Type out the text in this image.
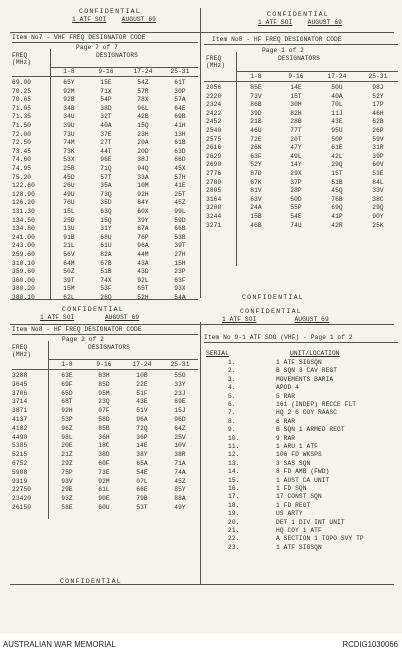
CONFIDENTIAL
1 ATF SOI AUGUST 69
CONFIDENTIAL
1 ATF SOI AUGUST 69
Item No7 - VHF FREQ DESIGNATOR CODE
Page 7 of 7
FREQ
(MHz)
DESIGNATORS
1-8	9-16	17-24	25-31
69.00	65Y	15E	54Z	61T
70.25	92M	71X	57R	30P
70.65	92B	54P	78X	57A
71.05	34B	38D	96L	64E
71.35	34U	32T	42B	69B
71.50	39U	40A	15Q	41H
72.00	73U	37E	23H	13H
72.50	74M	27T	20A	61B
73.45	73K	44T	20D	63D
74.60	53X	96E	38J	66D
74.95	25B	71Q	94Q	45X
75.20	45D	57T	33A	57H
122.60	26U	35A	10M	41E
128.90	49U	73Q	92H	25T
126.20	76U	35D	84Y	45Z
131.30	15L	63Q	60X	99L
134.50	25D	15Q	39Y	59D
134.80	13U	31Y	67A	66B
241.00	91B	68U	76P	53B
243.00	21L	61U	96A	39T
259.60	56V	82A	44M	27H
310.10	64M	67B	43A	15H
359.60	50Z	51B	43D	23P
360.00	39T	74X	92L	63F
380.20	15M	53F	65T	93X
388.10	62L	26Q	52H	54A
Item No8 - HF FREQ DESIGNATOR CODE
Page 1 of 2
FREQ
(MHz)
DESIGNATORS
1-8	9-16	17-24	25-31
2056	85E	14E	50U	98J
2220	73V	15T	40A	52Y
2324	86B	30H	70L	17P
2422	39D	82H	11J	46H
2452	21B	28B	43E	62B
2540	46U	77T	95U	26P
2575	72E	20T	50P	59V
2616	26K	47Y	61E	31R
2629	63F	49L	42L	39P
2690	52Y	14Y	29Q	60V
2776	87D	29X	15T	53E
2780	67K	37P	51B	84L
2805	81V	28P	45Q	33V
3164	63V	50D	76B	38C
3200	24A	55P	69Q	29Q
3244	15B	54E	41P	90Y
3271	46B	74U	42R	25K
CONFIDENTIAL
CONFIDENTIAL
1 ATF SOI	AUGUST 69
CONFIDENTIAL
1 ATF SOI	AUGUST 69
Item No8 - HF FREQ DESIGNATOR CODE
Page 2 of 2
FREQ
(MHz)
DESIGNATORS
1-8	9-16	17-24	25-31
3288	63E	83H	10B	55G
3645	69F	85D	22E	33Y
3706	65D	95M	51F	23J
3714	68T	23Q	43E	69E
3871	92H	07F	51V	15J
4137	53P	58D	96A	96D
4182	96Z	85B	72Q	64Z
4490	98L	36H	36P	25V
5385	20E	18C	14E	10V
5215	21Z	38D	38Y	38R
6752	29Z	60F	65A	71A
5908	75P	73E	54E	74A
9319	93V	92M	07L	45Z
22750	29E	61L	66E	85Y
23420	93Z	90E	79B	88A
26150	58E	60U	53T	49Y
Item No 9-1 ATF SDG (VHF) - Page 1 of 2
SERIAL	UNIT/LOCATION
1.	1 ATF SIGSQN
2.	B SQN 3 CAV REGT
3.	MOVEMENTS BARIA
4.	APOD 4
5.	5 RAR
6.	161 (INDEP) RECCE FLT
7.	HQ 2 6 COY RAASC
8.	6 RAR
9.	B SQN 1 ARMED REGT
10.	9 RAR
11.	1 ARU 1 ATF
12.	106 FD WKSPS
13.	3 SAS SQN
14.	8 FD AMB (FWD)
15.	1 AUST CA UNIT
16.	1 FD SQN
17.	17 CONST SQN
18.	1 FD REGT
19.	US ARTY
20.	DET 1 DIV INT UNIT
21.	HQ COY 1 ATF
22.	A SECTION 1 TOPO SVY TP
23.	1 ATF SIGSQN
CONFIDENTIAL
AUSTRALIAN WAR MEMORIAL	RCDIG1030066
